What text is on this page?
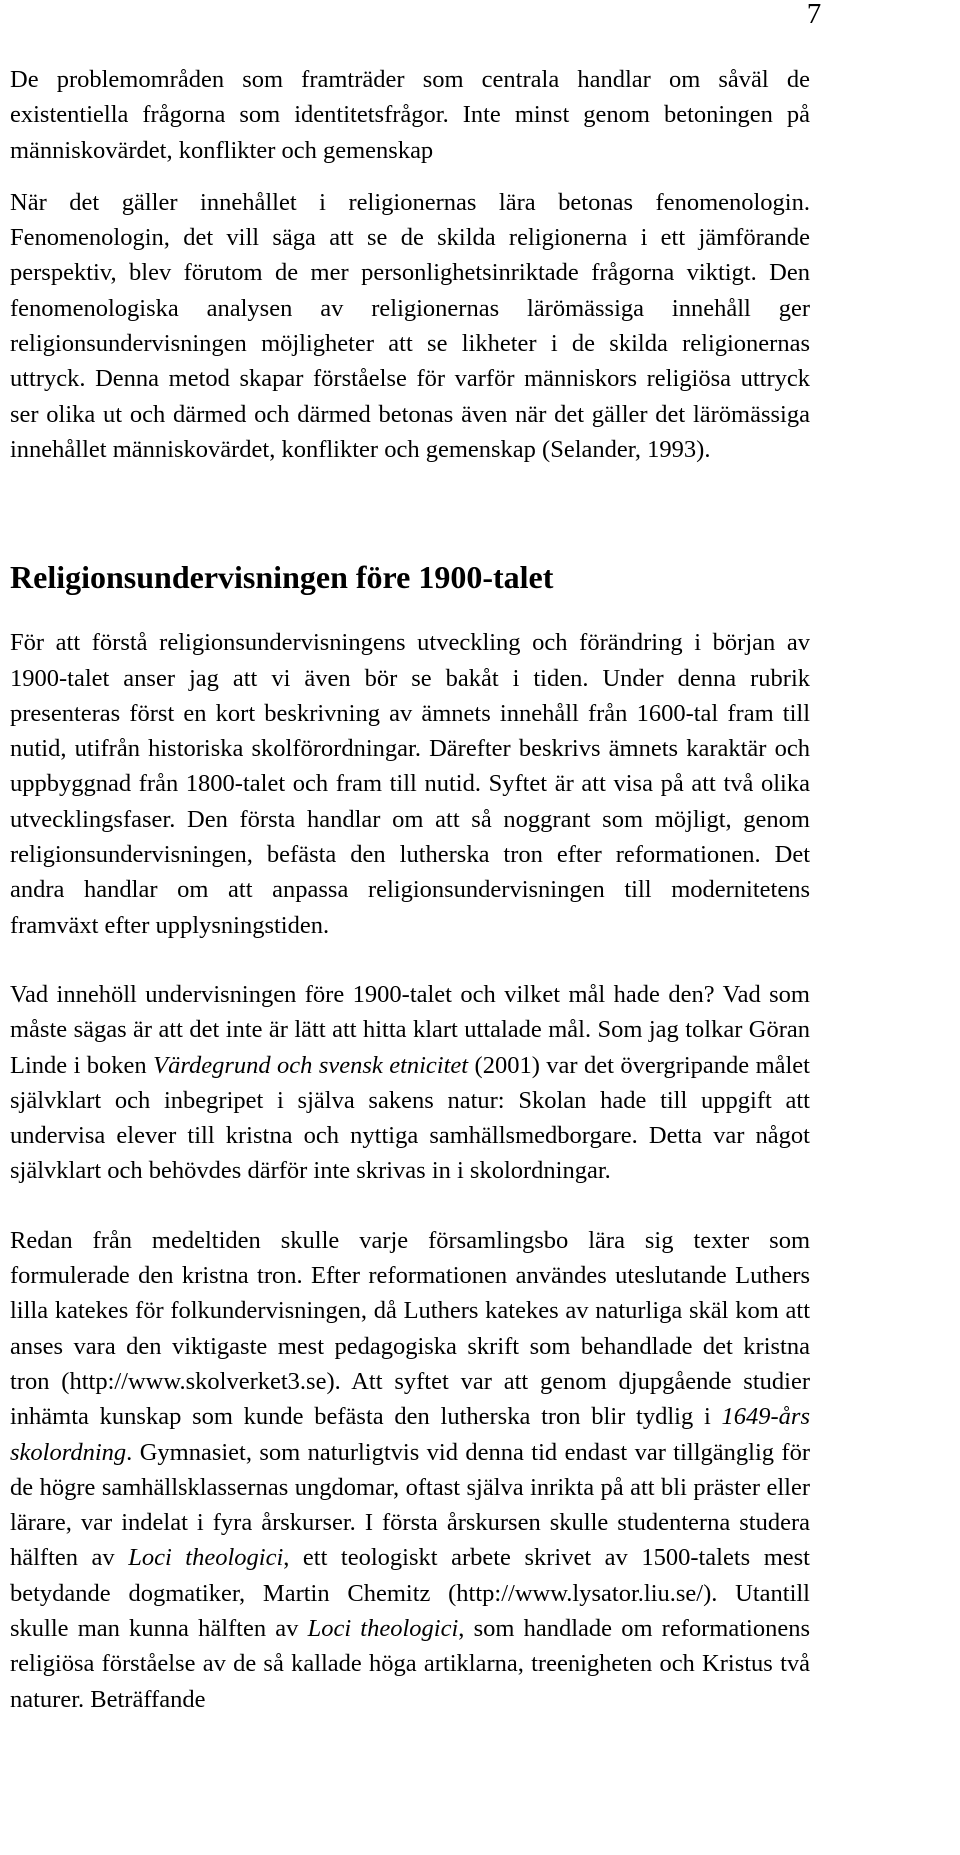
7

De problemområden som framträder som centrala handlar om såväl de existentiella frågorna som identitetsfrågor. Inte minst genom betoningen på människovärdet, konflikter och gemenskap

När det gäller innehållet i religionernas lära betonas fenomenologin. Fenomenologin, det vill säga att se de skilda religionerna i ett jämförande perspektiv, blev förutom de mer personlighetsinriktade frågorna viktigt. Den fenomenologiska analysen av religionernas lärömässiga innehåll ger religionsundervisningen möjligheter att se likheter i de skilda religionernas uttryck. Denna metod skapar förståelse för varför människors religiösa uttryck ser olika ut och därmed och därmed betonas även när det gäller det lärömässiga innehållet människovärdet, konflikter och gemenskap (Selander, 1993).

Religionsundervisningen före 1900-talet

För att förstå religionsundervisningens utveckling och förändring i början av 1900-talet anser jag att vi även bör se bakåt i tiden. Under denna rubrik presenteras först en kort beskrivning av ämnets innehåll från 1600-tal fram till nutid, utifrån historiska skolförordningar. Därefter beskrivs ämnets karaktär och uppbyggnad från 1800-talet och fram till nutid. Syftet är att visa på att två olika utvecklingsfaser. Den första handlar om att så noggrant som möjligt, genom religionsundervisningen, befästa den lutherska tron efter reformationen. Det andra handlar om att anpassa religionsundervisningen till modernitetens framväxt efter upplysningstiden.

Vad innehöll undervisningen före 1900-talet och vilket mål hade den? Vad som måste sägas är att det inte är lätt att hitta klart uttalade mål. Som jag tolkar Göran Linde i boken Värdegrund och svensk etnicitet (2001) var det övergripande målet självklart och inbegripet i själva sakens natur: Skolan hade till uppgift att undervisa elever till kristna och nyttiga samhällsmedborgare. Detta var något självklart och behövdes därför inte skrivas in i skolordningar.

Redan från medeltiden skulle varje församlingsbo lära sig texter som formulerade den kristna tron. Efter reformationen användes uteslutande Luthers lilla katekes för folkundervisningen, då Luthers katekes av naturliga skäl kom att anses vara den viktigaste mest pedagogiska skrift som behandlade det kristna tron (http://www.skolverket3.se). Att syftet var att genom djupgående studier inhämta kunskap som kunde befästa den lutherska tron blir tydlig i 1649-års skolordning. Gymnasiet, som naturligtvis vid denna tid endast var tillgänglig för de högre samhällsklassernas ungdomar, oftast själva inrikta på att bli präster eller lärare, var indelat i fyra årskurser. I första årskursen skulle studenterna studera hälften av Loci theologici, ett teologiskt arbete skrivet av 1500-talets mest betydande dogmatiker, Martin Chemitz (http://www.lysator.liu.se/). Utantill skulle man kunna hälften av Loci theologici, som handlade om reformationens religiösa förståelse av de så kallade höga artiklarna, treenigheten och Kristus två naturer. Beträffande
